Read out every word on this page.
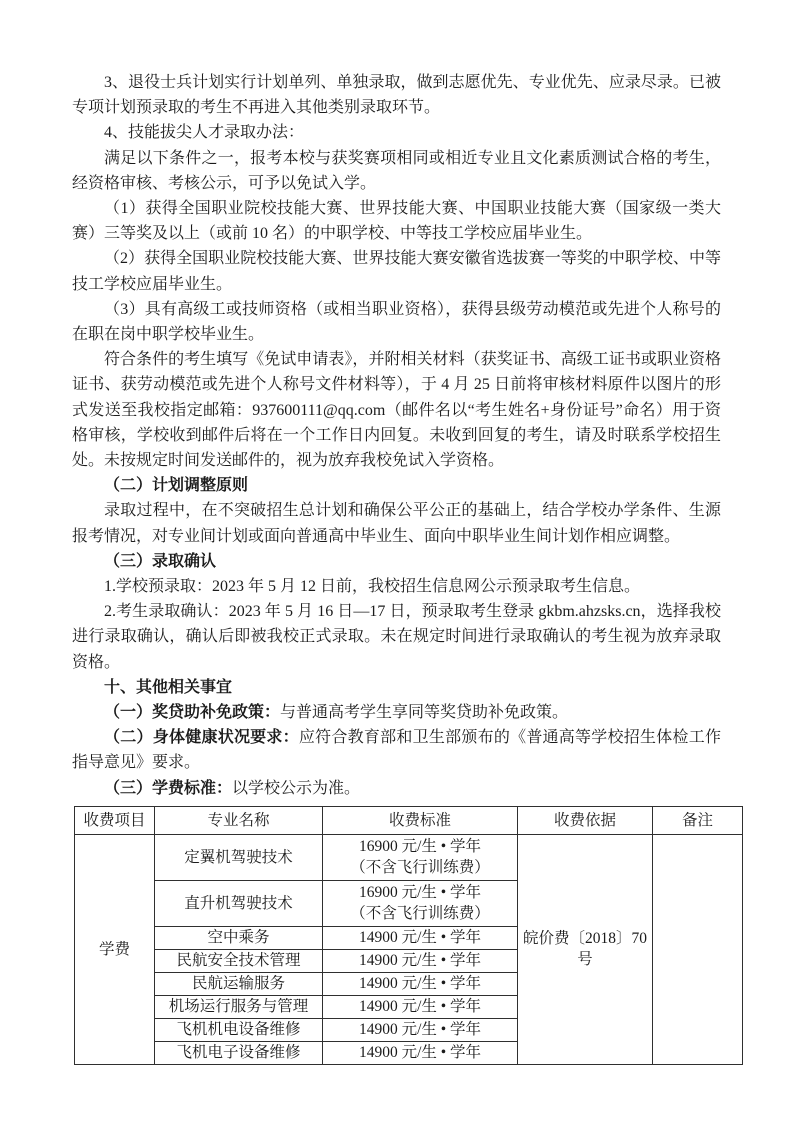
3、退役士兵计划实行计划单列、单独录取，做到志愿优先、专业优先、应录尽录。已被专项计划预录取的考生不再进入其他类别录取环节。

4、技能拔尖人才录取办法：

满足以下条件之一，报考本校与获奖赛项相同或相近专业且文化素质测试合格的考生，经资格审核、考核公示，可予以免试入学。

（1）获得全国职业院校技能大赛、世界技能大赛、中国职业技能大赛（国家级一类大赛）三等奖及以上（或前 10 名）的中职学校、中等技工学校应届毕业生。

（2）获得全国职业院校技能大赛、世界技能大赛安徽省选拔赛一等奖的中职学校、中等技工学校应届毕业生。

（3）具有高级工或技师资格（或相当职业资格），获得县级劳动模范或先进个人称号的在职在岗中职学校毕业生。

符合条件的考生填写《免试申请表》，并附相关材料（获奖证书、高级工证书或职业资格证书、获劳动模范或先进个人称号文件材料等），于 4 月 25 日前将审核材料原件以图片的形式发送至我校指定邮箱：937600111@qq.com（邮件名以“考生姓名+身份证号”命名）用于资格审核，学校收到邮件后将在一个工作日内回复。未收到回复的考生，请及时联系学校招生处。未按规定时间发送邮件的，视为放弃我校免试入学资格。

（二）计划调整原则

录取过程中，在不突破招生总计划和确保公平公正的基础上，结合学校办学条件、生源报考情况，对专业间计划或面向普通高中毕业生、面向中职毕业生间计划作相应调整。

（三）录取确认

1.学校预录取：2023 年 5 月 12 日前，我校招生信息网公示预录取考生信息。

2.考生录取确认：2023 年 5 月 16 日—17 日，预录取考生登录 gkbm.ahzsks.cn，选择我校进行录取确认，确认后即被我校正式录取。未在规定时间进行录取确认的考生视为放弃录取资格。

十、其他相关事宜

（一）奖贷助补免政策：与普通高考学生享同等奖贷助补免政策。

（二）身体健康状况要求：应符合教育部和卫生部颁布的《普通高等学校招生体检工作指导意见》要求。

（三）学费标准：以学校公示为准。

收费项目	专业名称	收费标准	收费依据	备注
学费	定翼机驾驶技术	16900 元/生 • 学年
（不含飞行训练费）	皖价费〔2018〕70 号	
	直升机驾驶技术	16900 元/生 • 学年
（不含飞行训练费）		

	空中乘务	14900 元/生 • 学年		
	民航安全技术管理	14900 元/生 • 学年		
	民航运输服务	14900 元/生 • 学年		
	机场运行服务与管理	14900 元/生 • 学年		
	飞机机电设备维修	14900 元/生 • 学年		
	飞机电子设备维修	14900 元/生 • 学年		
